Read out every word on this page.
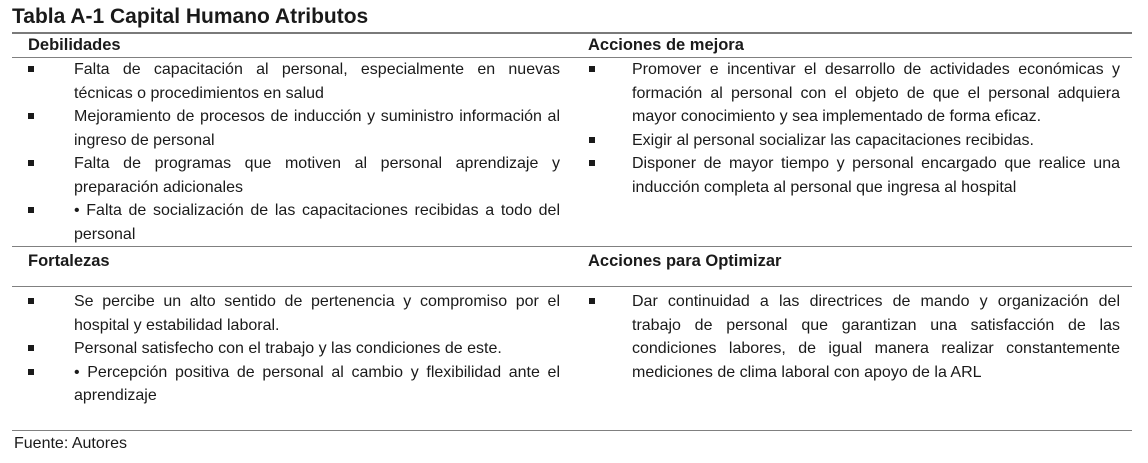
Tabla A-1 Capital Humano Atributos
Debilidades	Acciones de mejora
Falta de capacitación al personal, especialmente en nuevas técnicas o procedimientos en salud
Mejoramiento de procesos de inducción y suministro información al ingreso de personal
Falta de programas que motiven al personal aprendizaje y preparación adicionales
• Falta de socialización de las capacitaciones recibidas a todo del personal
Promover e incentivar el desarrollo de actividades económicas y formación al personal con el objeto de que el personal adquiera mayor conocimiento y sea implementado de forma eficaz.
Exigir al personal socializar las capacitaciones recibidas.
Disponer de mayor tiempo y personal encargado que realice una inducción completa al personal que ingresa al hospital
Fortalezas	Acciones para Optimizar
Se percibe un alto sentido de pertenencia y compromiso por el hospital y estabilidad laboral.
Personal satisfecho con el trabajo y las condiciones de este.
• Percepción positiva de personal al cambio y flexibilidad ante el aprendizaje
Dar continuidad a las directrices de mando y organización del trabajo de personal que garantizan una satisfacción de las condiciones labores, de igual manera realizar constantemente mediciones de clima laboral con apoyo de la ARL
Fuente: Autores
